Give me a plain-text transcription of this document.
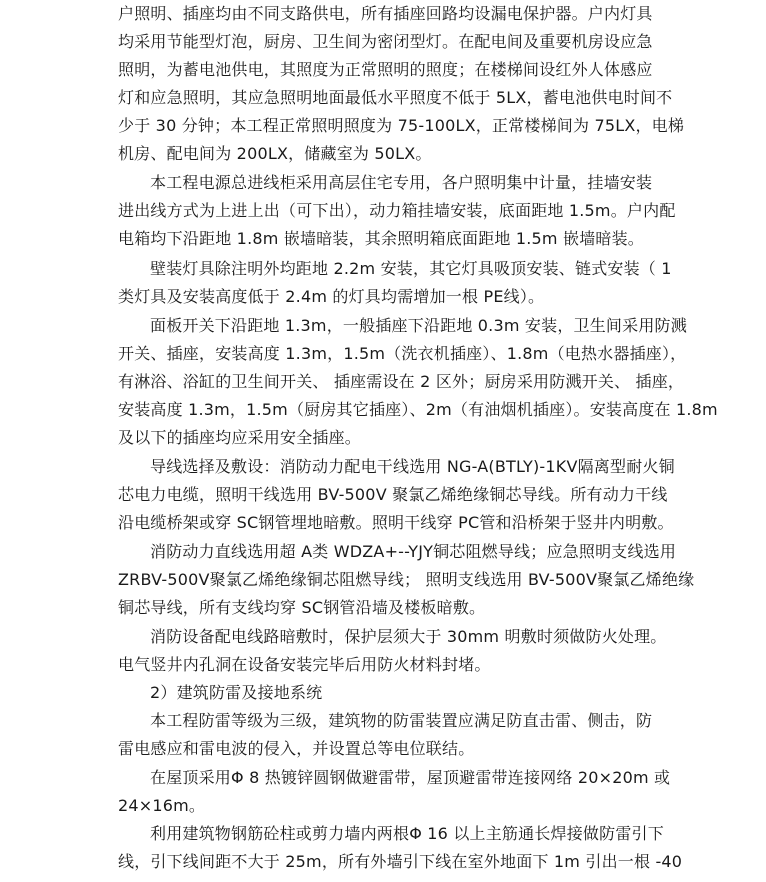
户照明、插座均由不同支路供电，所有插座回路均设漏电保护器。户内灯具
均采用节能型灯泡，厨房、卫生间为密闭型灯。在配电间及重要机房设应急
照明，为蓄电池供电，其照度为正常照明的照度；在楼梯间设红外人体感应
灯和应急照明，其应急照明地面最低水平照度不低于 5LX，蓄电池供电时间不
少于 30 分钟；本工程正常照明照度为 75-100LX，正常楼梯间为 75LX，电梯
机房、配电间为 200LX，储藏室为 50LX。
本工程电源总进线柜采用高层住宅专用，各户照明集中计量，挂墙安装
进出线方式为上进上出（可下出），动力箱挂墙安装，底面距地 1.5m。户内配
电箱均下沿距地 1.8m 嵌墙暗装，其余照明箱底面距地 1.5m 嵌墙暗装。
壁装灯具除注明外均距地 2.2m 安装，其它灯具吸顶安装、链式安装（ 1
类灯具及安装高度低于 2.4m 的灯具均需增加一根 PE线）。
面板开关下沿距地 1.3m，一般插座下沿距地 0.3m 安装，卫生间采用防溅
开关、插座，安装高度 1.3m，1.5m（洗衣机插座）、1.8m（电热水器插座），
有淋浴、浴缸的卫生间开关、 插座需设在 2 区外；厨房采用防溅开关、 插座，
安装高度 1.3m，1.5m（厨房其它插座）、2m（有油烟机插座）。安装高度在 1.8m
及以下的插座均应采用安全插座。
导线选择及敷设：消防动力配电干线选用 NG-A(BTLY)-1KV隔离型耐火铜
芯电力电缆，照明干线选用 BV-500V 聚氯乙烯绝缘铜芯导线。所有动力干线
沿电缆桥架或穿 SC钢管埋地暗敷。照明干线穿 PC管和沿桥架于竖井内明敷。
消防动力直线选用超 A类 WDZA+--YJY铜芯阻燃导线；应急照明支线选用
ZRBV-500V聚氯乙烯绝缘铜芯阻燃导线； 照明支线选用 BV-500V聚氯乙烯绝缘
铜芯导线，所有支线均穿 SC钢管沿墙及楼板暗敷。
消防设备配电线路暗敷时，保护层须大于 30mm 明敷时须做防火处理。
电气竖井内孔洞在设备安装完毕后用防火材料封堵。
2）建筑防雷及接地系统
本工程防雷等级为三级，建筑物的防雷装置应满足防直击雷、侧击，防
雷电感应和雷电波的侵入，并设置总等电位联结。
在屋顶采用Φ 8 热镀锌圆钢做避雷带，屋顶避雷带连接网络 20×20m 或
24×16m。
利用建筑物钢筋砼柱或剪力墙内两根Φ 16 以上主筋通长焊接做防雷引下
线，引下线间距不大于 25m，所有外墙引下线在室外地面下 1m 引出一根 -40
